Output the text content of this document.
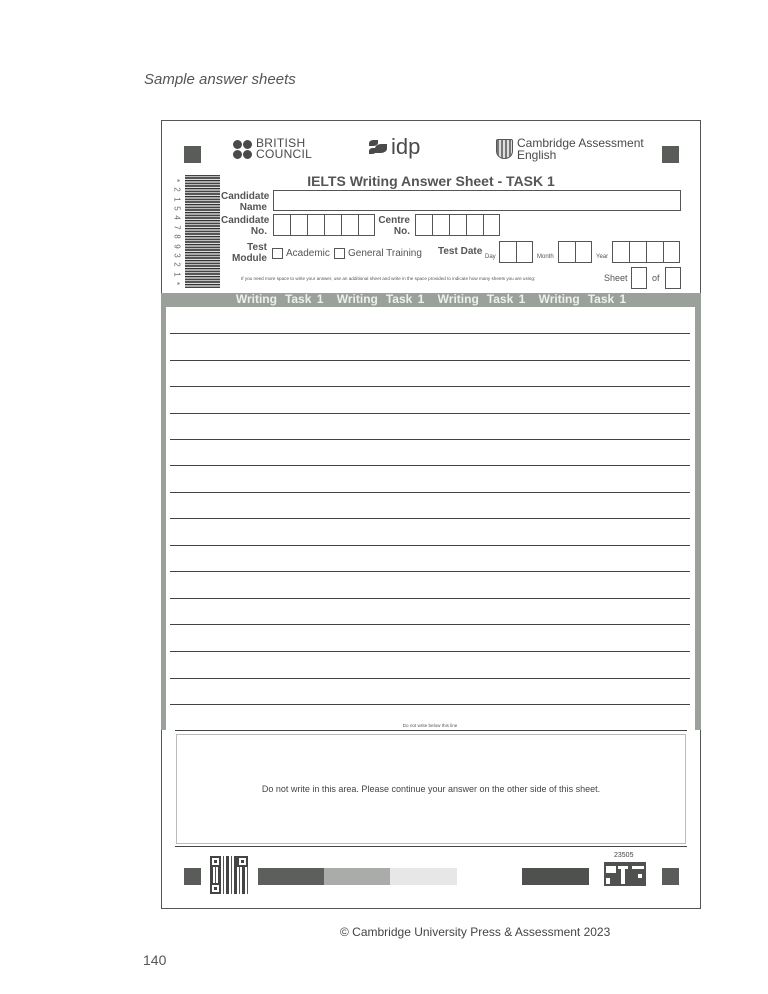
Sample answer sheets
BRITISH
COUNCIL	idp	Cambridge Assessment
English
IELTS Writing Answer Sheet - TASK 1
*
2
1
5
4
7
8
9
3
2
1
*
Candidate
Name
Candidate
No.
Centre
No.
Test
Module Academic General Training Test Date Day	Month	Year
If you need more space to write your answer, use an additional sheet and write in the space provided to indicate how many sheets you are using:	Sheet	of
Writing Task 1 Writing Task 1 Writing Task 1 Writing Task 1
Do not write below this line
Do not write in this area. Please continue your answer on the other side of this sheet.
23505
© Cambridge University Press & Assessment 2023
140
